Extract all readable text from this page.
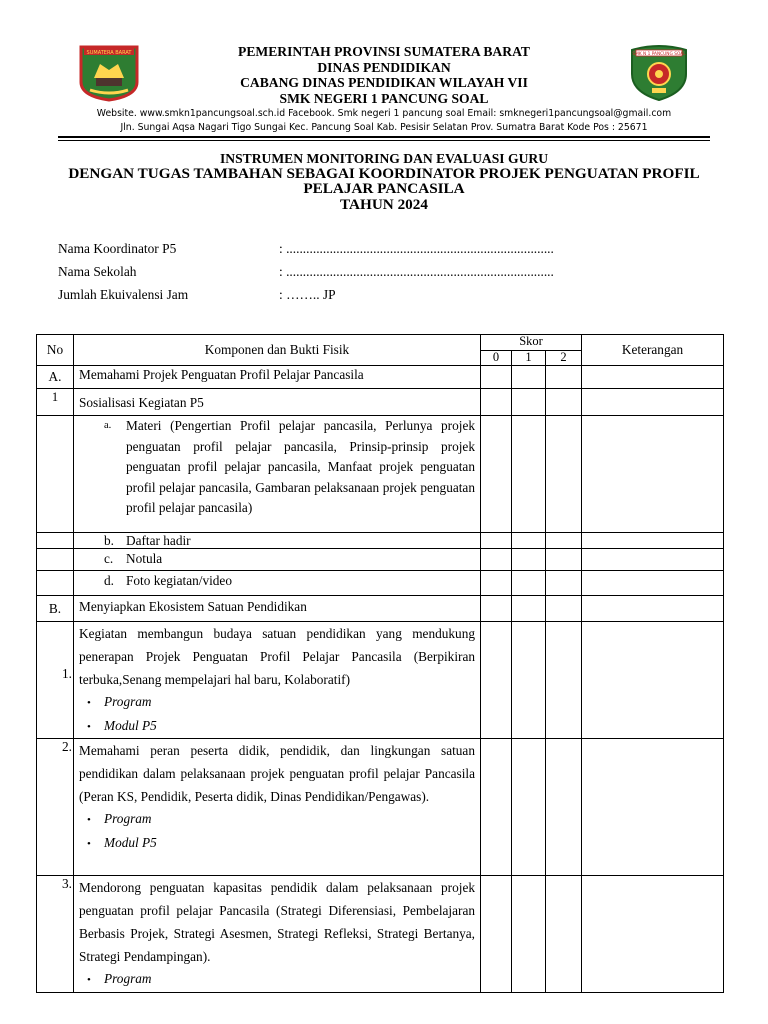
SUMATERA BARAT	SMK N 1 PANCUNG SOAL
PEMERINTAH PROVINSI SUMATERA BARAT
DINAS PENDIDIKAN
CABANG DINAS PENDIDIKAN WILAYAH VII
SMK NEGERI 1 PANCUNG SOAL
Website. www.smkn1pancungsoal.sch.id Facebook. Smk negeri 1 pancung soal Email: smknegeri1pancungsoal@gmail.com
Jln. Sungai Aqsa Nagari Tigo Sungai Kec. Pancung Soal Kab. Pesisir Selatan Prov. Sumatra Barat Kode Pos : 25671
INSTRUMEN MONITORING DAN EVALUASI GURU
DENGAN TUGAS TAMBAHAN SEBAGAI KOORDINATOR PROJEK PENGUATAN PROFIL
PELAJAR PANCASILA
TAHUN 2024
Nama Koordinator P5	: ................................................................................
Nama Sekolah	: ................................................................................
Jumlah Ekuivalensi Jam	: …….. JP
No	Komponen dan Bukti Fisik	Skor			Keterangan
		0	1	2	
A.	Memahami Projek Penguatan Profil Pelajar Pancasila				
1	Sosialisasi Kegiatan P5				

	a. Materi (Pengertian Profil pelajar pancasila, Perlunya projek penguatan profil pelajar pancasila, Prinsip-prinsip projek penguatan profil pelajar pancasila, Manfaat projek penguatan profil pelajar pancasila, Gambaran pelaksanaan projek penguatan profil pelajar pancasila)				

	b. Daftar hadir				

	c. Notula				

	d. Foto kegiatan/video				

B.	Menyiapkan Ekosistem Satuan Pendidikan				
1.	Kegiatan membangun budaya satuan pendidikan yang mendukung penerapan Projek Penguatan Profil Pelajar Pancasila (Berpikiran terbuka,Senang mempelajari hal baru, Kolaboratif)
• Program
• Modul P5				

2.	Memahami peran peserta didik, pendidik, dan lingkungan satuan pendidikan dalam pelaksanaan projek penguatan profil pelajar Pancasila (Peran KS, Pendidik, Peserta didik, Dinas Pendidikan/Pengawas).
• Program
• Modul P5				

3.	Mendorong penguatan kapasitas pendidik dalam pelaksanaan projek penguatan profil pelajar Pancasila (Strategi Diferensiasi, Pembelajaran Berbasis Projek, Strategi Asesmen, Strategi Refleksi, Strategi Bertanya, Strategi Pendampingan).
• Program				
